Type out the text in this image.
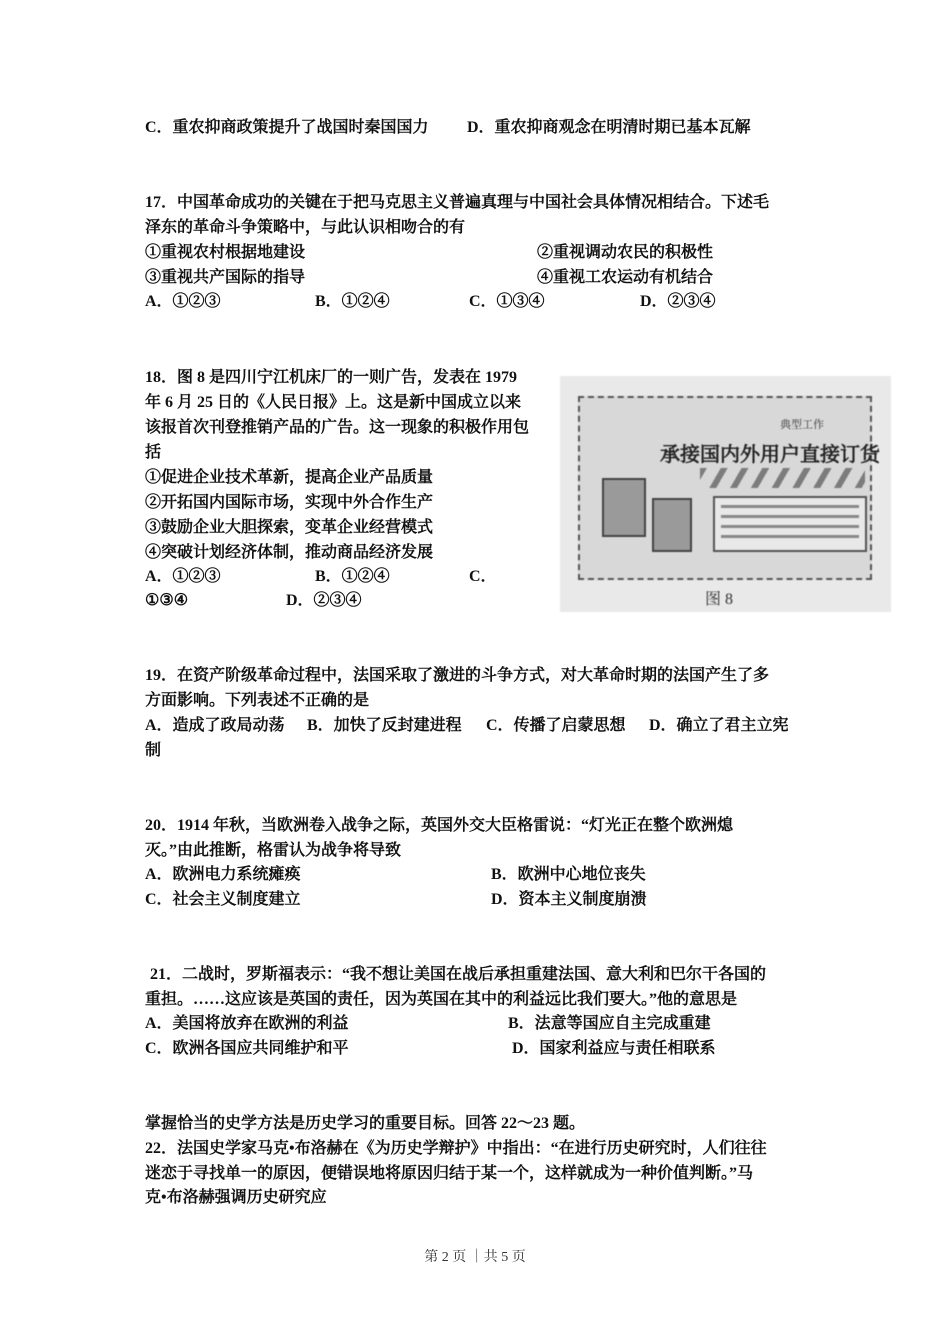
C．重农抑商政策提升了战国时秦国国力 D．重农抑商观念在明清时期已基本瓦解
17．中国革命成功的关键在于把马克思主义普遍真理与中国社会具体情况相结合。下述毛
泽东的革命斗争策略中，与此认识相吻合的有
①重视农村根据地建设	②重视调动农民的积极性
③重视共产国际的指导	④重视工农运动有机结合
A．①②③	B．①②④	C．①③④	D．②③④
18．图 8 是四川宁江机床厂的一则广告，发表在 1979
年 6 月 25 日的《人民日报》上。这是新中国成立以来
该报首次刊登推销产品的广告。这一现象的积极作用包
括
①促进企业技术革新，提高企业产品质量
②开拓国内国际市场，实现中外合作生产
③鼓励企业大胆探索，变革企业经营模式
④突破计划经济体制，推动商品经济发展
A．①②③	B．①②④	C．
①③④	D．②③④
典型工作
承接国内外用户直接订货
图 8
19．在资产阶级革命过程中，法国采取了激进的斗争方式，对大革命时期的法国产生了多
方面影响。下列表述不正确的是
A．造成了政局动荡 B．加快了反封建进程 C．传播了启蒙思想 D．确立了君主立宪
制
20．1914 年秋，当欧洲卷入战争之际，英国外交大臣格雷说：“灯光正在整个欧洲熄
灭。”由此推断，格雷认为战争将导致
A．欧洲电力系统瘫痪	B．欧洲中心地位丧失
C．社会主义制度建立	D．资本主义制度崩溃
21．二战时，罗斯福表示：“我不想让美国在战后承担重建法国、意大利和巴尔干各国的
重担。……这应该是英国的责任，因为英国在其中的利益远比我们要大。”他的意思是
A．美国将放弃在欧洲的利益	B．法意等国应自主完成重建
C．欧洲各国应共同维护和平	D．国家利益应与责任相联系
掌握恰当的史学方法是历史学习的重要目标。回答 22～23 题。
22．法国史学家马克•布洛赫在《为历史学辩护》中指出：“在进行历史研究时，人们往往
迷恋于寻找单一的原因，便错误地将原因归结于某一个，这样就成为一种价值判断。”马
克•布洛赫强调历史研究应
第 2 页 ｜共 5 页
